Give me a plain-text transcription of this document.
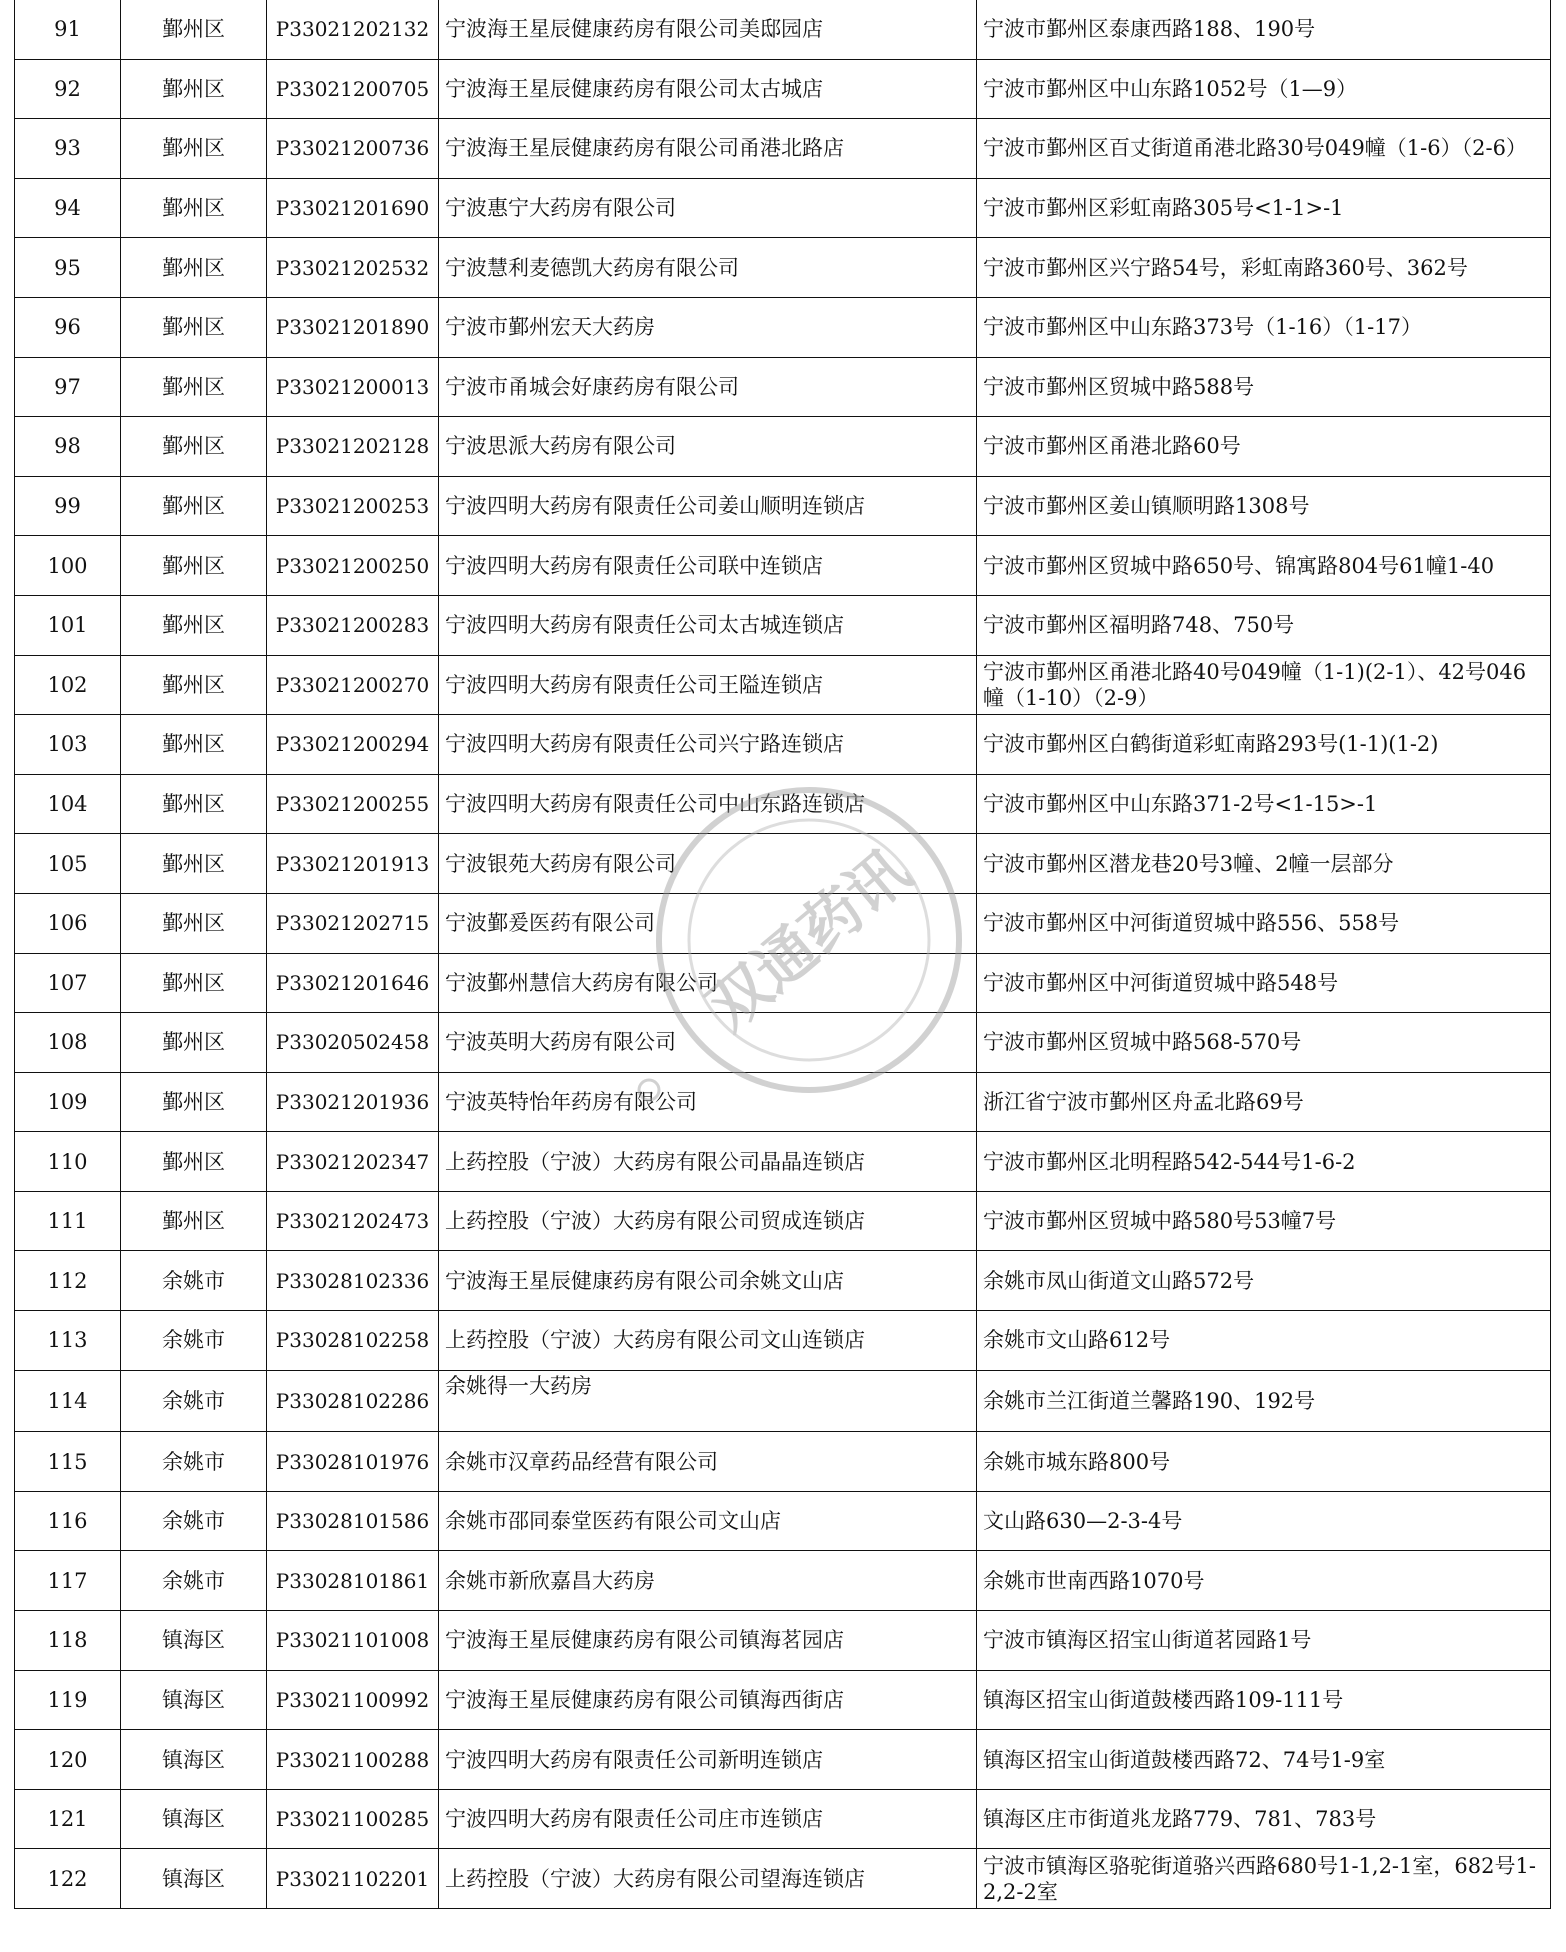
91	鄞州区	P33021202132	宁波海王星辰健康药房有限公司美邸园店	宁波市鄞州区泰康西路188、190号
92	鄞州区	P33021200705	宁波海王星辰健康药房有限公司太古城店	宁波市鄞州区中山东路1052号（1—9）
93	鄞州区	P33021200736	宁波海王星辰健康药房有限公司甬港北路店	宁波市鄞州区百丈街道甬港北路30号049幢（1-6）（2-6）
94	鄞州区	P33021201690	宁波惠宁大药房有限公司	宁波市鄞州区彩虹南路305号<1-1>-1
95	鄞州区	P33021202532	宁波慧利麦德凯大药房有限公司	宁波市鄞州区兴宁路54号，彩虹南路360号、362号
96	鄞州区	P33021201890	宁波市鄞州宏天大药房	宁波市鄞州区中山东路373号（1-16）（1-17）
97	鄞州区	P33021200013	宁波市甬城会好康药房有限公司	宁波市鄞州区贸城中路588号
98	鄞州区	P33021202128	宁波思派大药房有限公司	宁波市鄞州区甬港北路60号
99	鄞州区	P33021200253	宁波四明大药房有限责任公司姜山顺明连锁店	宁波市鄞州区姜山镇顺明路1308号
100	鄞州区	P33021200250	宁波四明大药房有限责任公司联中连锁店	宁波市鄞州区贸城中路650号、锦寓路804号61幢1-40
101	鄞州区	P33021200283	宁波四明大药房有限责任公司太古城连锁店	宁波市鄞州区福明路748、750号
102	鄞州区	P33021200270	宁波四明大药房有限责任公司王隘连锁店	宁波市鄞州区甬港北路40号049幢（1-1)(2-1）、42号046幢（1-10）（2-9）
103	鄞州区	P33021200294	宁波四明大药房有限责任公司兴宁路连锁店	宁波市鄞州区白鹤街道彩虹南路293号(1-1)(1-2)
104	鄞州区	P33021200255	宁波四明大药房有限责任公司中山东路连锁店	宁波市鄞州区中山东路371-2号<1-15>-1
105	鄞州区	P33021201913	宁波银苑大药房有限公司	宁波市鄞州区潜龙巷20号3幢、2幢一层部分
106	鄞州区	P33021202715	宁波鄞爰医药有限公司	宁波市鄞州区中河街道贸城中路556、558号
107	鄞州区	P33021201646	宁波鄞州慧信大药房有限公司	宁波市鄞州区中河街道贸城中路548号
108	鄞州区	P33020502458	宁波英明大药房有限公司	宁波市鄞州区贸城中路568-570号
109	鄞州区	P33021201936	宁波英特怡年药房有限公司	浙江省宁波市鄞州区舟孟北路69号
110	鄞州区	P33021202347	上药控股（宁波）大药房有限公司晶晶连锁店	宁波市鄞州区北明程路542-544号1-6-2
111	鄞州区	P33021202473	上药控股（宁波）大药房有限公司贸成连锁店	宁波市鄞州区贸城中路580号53幢7号
112	余姚市	P33028102336	宁波海王星辰健康药房有限公司余姚文山店	余姚市凤山街道文山路572号
113	余姚市	P33028102258	上药控股（宁波）大药房有限公司文山连锁店	余姚市文山路612号
114	余姚市	P33028102286	余姚得一大药房	余姚市兰江街道兰馨路190、192号
115	余姚市	P33028101976	余姚市汉章药品经营有限公司	余姚市城东路800号
116	余姚市	P33028101586	余姚市邵同泰堂医药有限公司文山店	文山路630—2-3-4号
117	余姚市	P33028101861	余姚市新欣嘉昌大药房	余姚市世南西路1070号
118	镇海区	P33021101008	宁波海王星辰健康药房有限公司镇海茗园店	宁波市镇海区招宝山街道茗园路1号
119	镇海区	P33021100992	宁波海王星辰健康药房有限公司镇海西街店	镇海区招宝山街道鼓楼西路109-111号
120	镇海区	P33021100288	宁波四明大药房有限责任公司新明连锁店	镇海区招宝山街道鼓楼西路72、74号1-9室
121	镇海区	P33021100285	宁波四明大药房有限责任公司庄市连锁店	镇海区庄市街道兆龙路779、781、783号
122	镇海区	P33021102201	上药控股（宁波）大药房有限公司望海连锁店	宁波市镇海区骆驼街道骆兴西路680号1-1,2-1室，682号1-2,2-2室
双通药讯
